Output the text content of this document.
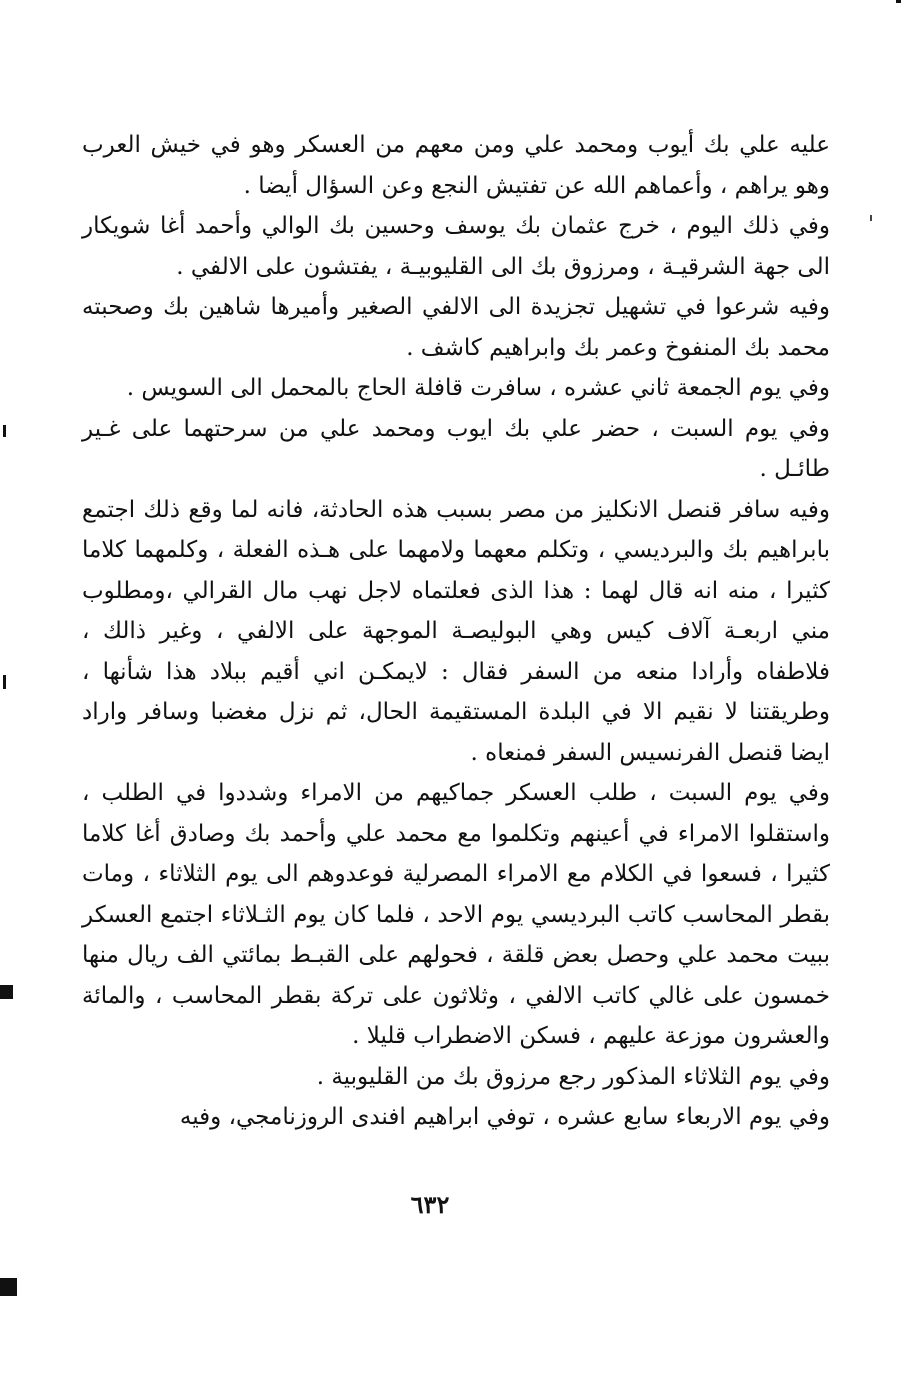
عليه علي بك أيوب ومحمد علي ومن معهم من العسكر وهو في خيش العرب وهو يراهم ، وأعماهم الله عن تفتيش النجع وعن السؤال أيضا .

وفي ذلك اليوم ، خرج عثمان بك يوسف وحسين بك الوالي وأحمد أغا شويكار الى جهة الشرقيـة ، ومرزوق بك الى القليوبيـة ، يفتشون على الالفي .

وفيه شرعوا في تشهيل تجزيدة الى الالفي الصغير وأميرها شاهين بك وصحبته محمد بك المنفوخ وعمر بك وابراهيم كاشف .

وفي يوم الجمعة ثاني عشره ، سافرت قافلة الحاج بالمحمل الى السويس .

وفي يوم السبت ، حضر علي بك ايوب ومحمد علي من سرحتهما على غـير طائـل .

وفيه سافر قنصل الانكليز من مصر بسبب هذه الحادثة، فانه لما وقع ذلك اجتمع بابراهيم بك والبرديسي ، وتكلم معهما ولامهما على هـذه الفعلة ، وكلمهما كلاما كثيرا ، منه انه قال لهما : هذا الذى فعلتماه لاجل نهب مال القرالي ،ومطلوب مني اربعـة آلاف كيس وهي البوليصـة الموجهة على الالفي ، وغير ذالك ، فلاطفاه وأرادا منعه من السفر فقال : لايمكـن اني أقيم ببلاد هذا شأنها ، وطريقتنا لا نقيم الا في البلدة المستقيمة الحال، ثم نزل مغضبا وسافر واراد ايضا قنصل الفرنسيس السفر فمنعاه .

وفي يوم السبت ، طلب العسكر جماكيهم من الامراء وشددوا في الطلب ، واستقلوا الامراء في أعينهم وتكلموا مع محمد علي وأحمد بك وصادق أغا كلاما كثيرا ، فسعوا في الكلام مع الامراء المصرلية فوعدوهم الى يوم الثلاثاء ، ومات بقطر المحاسب كاتب البرديسي يوم الاحد ، فلما كان يوم الثـلاثاء اجتمع العسكر ببيت محمد علي وحصل بعض قلقة ، فحولهم على القبـط بمائتي الف ريال منها خمسون على غالي كاتب الالفي ، وثلاثون على تركة بقطر المحاسب ، والمائة والعشرون موزعة عليهم ، فسكن الاضطراب قليلا .

وفي يوم الثلاثاء المذكور رجع مرزوق بك من القليوبية .

وفي يوم الاربعاء سابع عشره ، توفي ابراهيم افندى الروزنامجي، وفيه

٦٣٢
